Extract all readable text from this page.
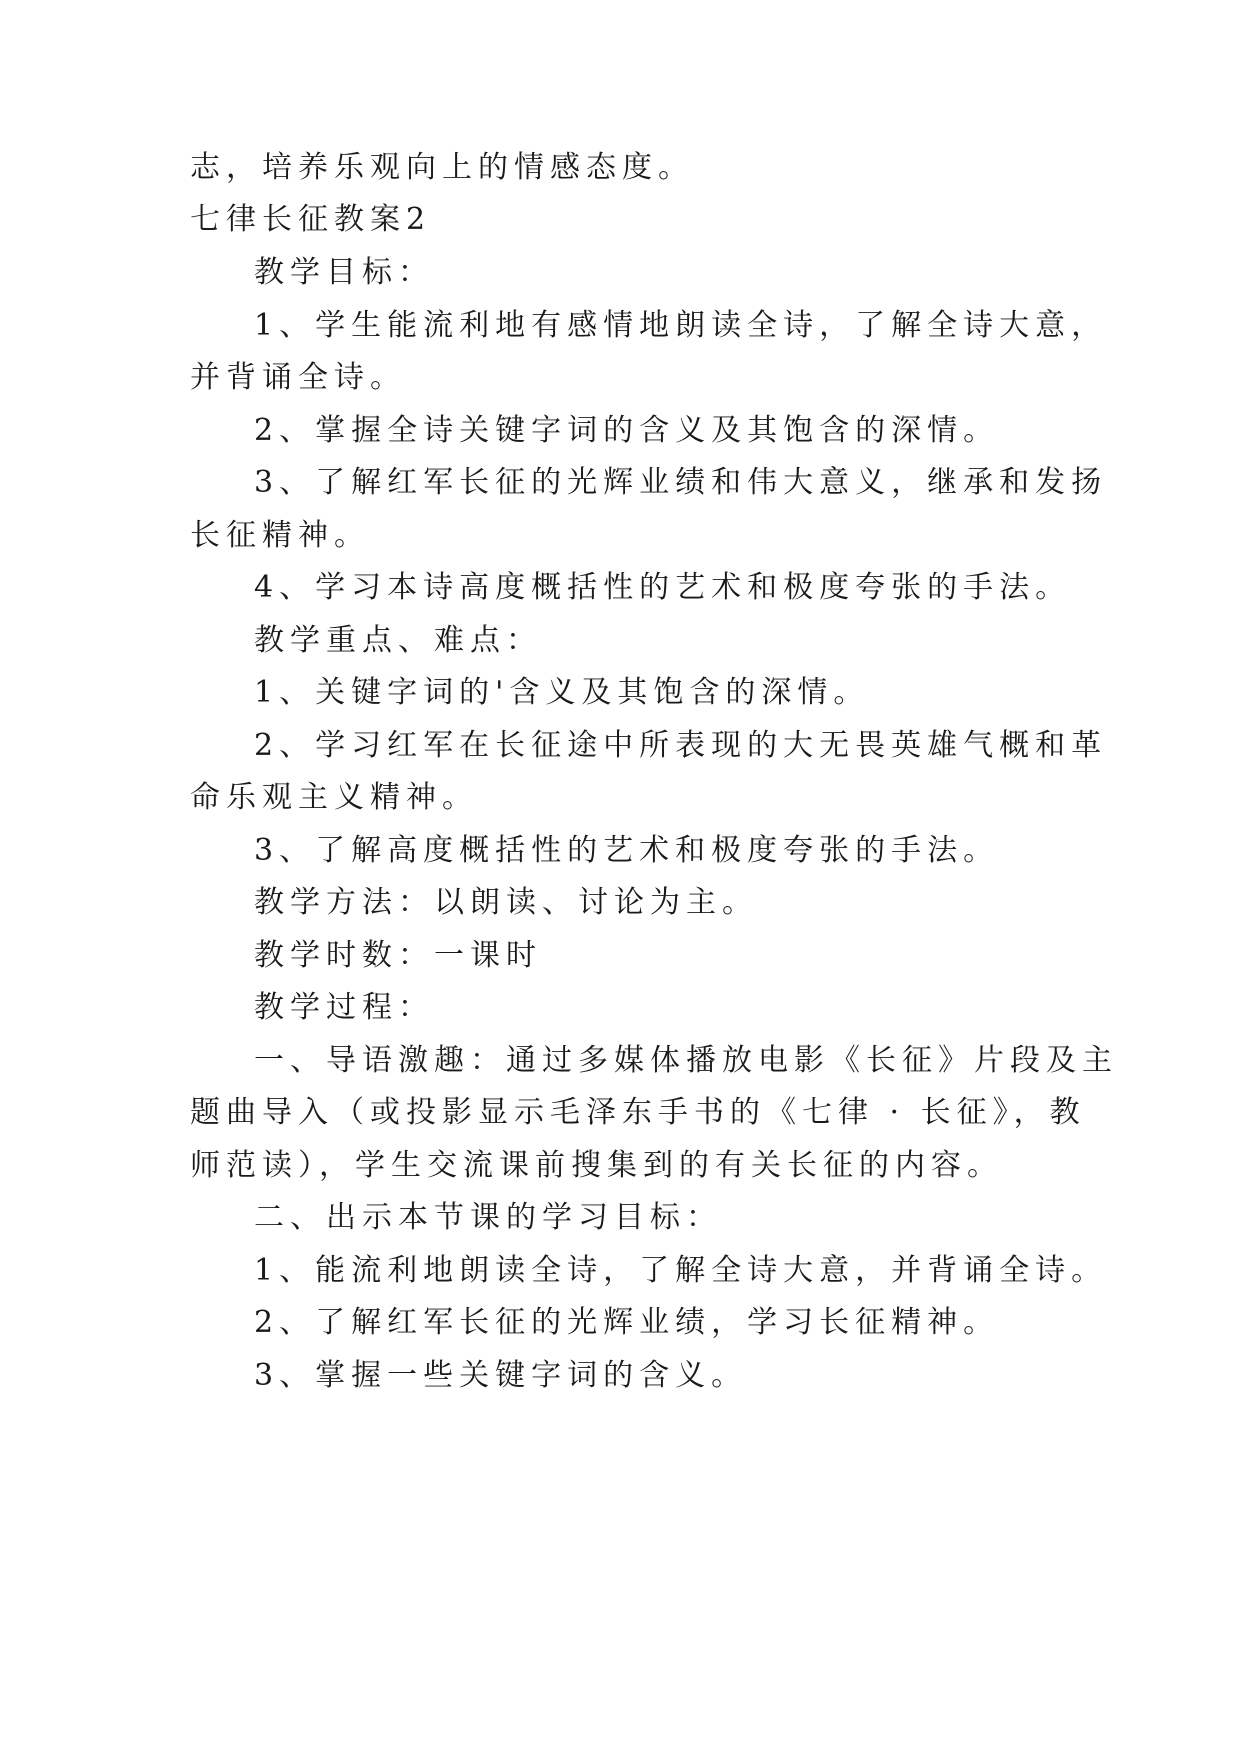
志，培养乐观向上的情感态度。
七律长征教案2
教学目标：
1、学生能流利地有感情地朗读全诗，了解全诗大意，
并背诵全诗。
2、掌握全诗关键字词的含义及其饱含的深情。
3、了解红军长征的光辉业绩和伟大意义，继承和发扬
长征精神。
4、学习本诗高度概括性的艺术和极度夸张的手法。
教学重点、难点：
1、关键字词的'含义及其饱含的深情。
2、学习红军在长征途中所表现的大无畏英雄气概和革
命乐观主义精神。
3、了解高度概括性的艺术和极度夸张的手法。
教学方法：以朗读、讨论为主。
教学时数：一课时
教学过程：
一、导语激趣：通过多媒体播放电影《长征》片段及主
题曲导入（或投影显示毛泽东手书的《七律 · 长征》，教
师范读），学生交流课前搜集到的有关长征的内容。
二、出示本节课的学习目标：
1、能流利地朗读全诗，了解全诗大意，并背诵全诗。
2、了解红军长征的光辉业绩，学习长征精神。
3、掌握一些关键字词的含义。
